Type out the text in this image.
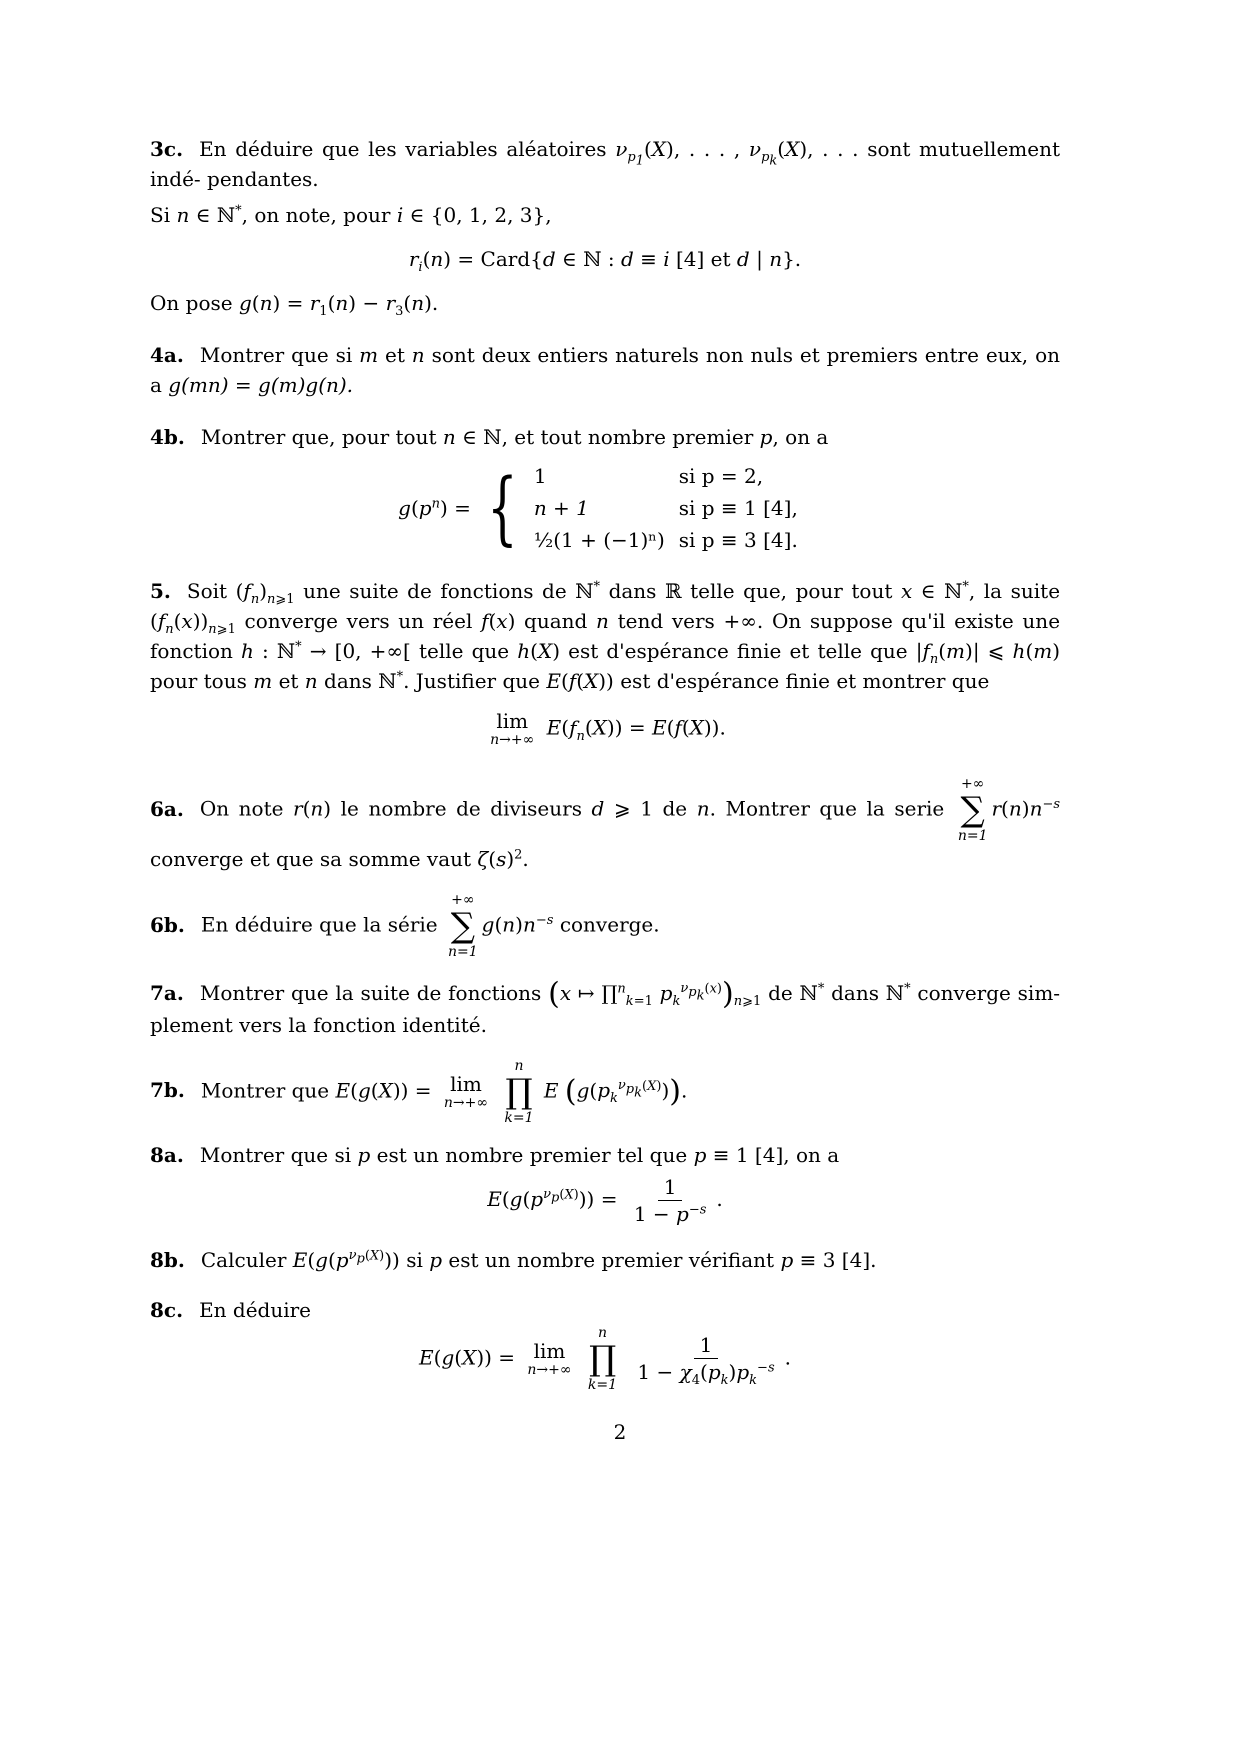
3c. En déduire que les variables aléatoires $\nu_{p_1}(X)$, . . . , $\nu_{p_k}(X)$, . . . sont mutuellement indé- pendantes.

Si n ∈ ℕ*, on note, pour i ∈ {0, 1, 2, 3},

$r_i(n)$ = Card{d ∈ ℕ : d ≡ i [4] et d | n}.

On pose $g(n) = r_1(n) - r_3(n)$.

4a. Montrer que si m et n sont deux entiers naturels non nuls et premiers entre eux, on a g(mn) = g(m)g(n).

4b. Montrer que, pour tout n ∈ ℕ, et tout nombre premier p, on a

$g(p^n)$ = { 1	si p = 2,
n + 1	si p ≡ 1 [4],
½(1 + (−1)ⁿ)	si p ≡ 3 [4].

5. Soit $(f_n)_{n⩾1}$ une suite de fonctions de ℕ* dans ℝ telle que, pour tout x ∈ ℕ*, la suite $(f_n(x))_{n⩾1}$ converge vers un réel f(x) quand n tend vers +∞. On suppose qu'il existe une fonction h : ℕ* → [0, +∞[ telle que h(X) est d'espérance finie et telle que $|f_n(m)|$ ⩽ h(m) pour tous m et n dans ℕ*. Justifier que E(f(X)) est d'espérance finie et montrer que

lim
n→+∞
$E(f_n(X)) = E(f(X))$.

6a. On note r(n) le nombre de diviseurs d ⩾ 1 de n. Montrer que la serie
+∞
∑
n=1
$r(n)n^{-s}$ converge et que sa somme vaut $\zeta(s)^2$.

6b. En déduire que la série
+∞
∑
n=1
$g(n)n^{-s}$ converge.

7a. Montrer que la suite de fonctions (x ↦ ∏$^n_{k=1}$ $p_k^{\nu_{p_k}(x)})_{n⩾1}$ de ℕ* dans ℕ* converge sim- plement vers la fonction identité.

7b. Montrer que E(g(X)) = lim
n→+∞

n
∏
k=1
E $(g(p_k^{\nu_{p_k}(X)}))$.

8a. Montrer que si p est un nombre premier tel que p ≡ 1 [4], on a

$E(g(p^{\nu_p(X)})) = \frac{1}{1 - p^{-s}}$ .

8b. Calculer $E(g(p^{\nu_p(X)}))$ si p est un nombre premier vérifiant p ≡ 3 [4].

8c. En déduire

E(g(X)) = lim
n→+∞

n
∏
k=1
$\frac{1}{1 - \chi_4(p_k)p_k^{-s}}$ .
2
